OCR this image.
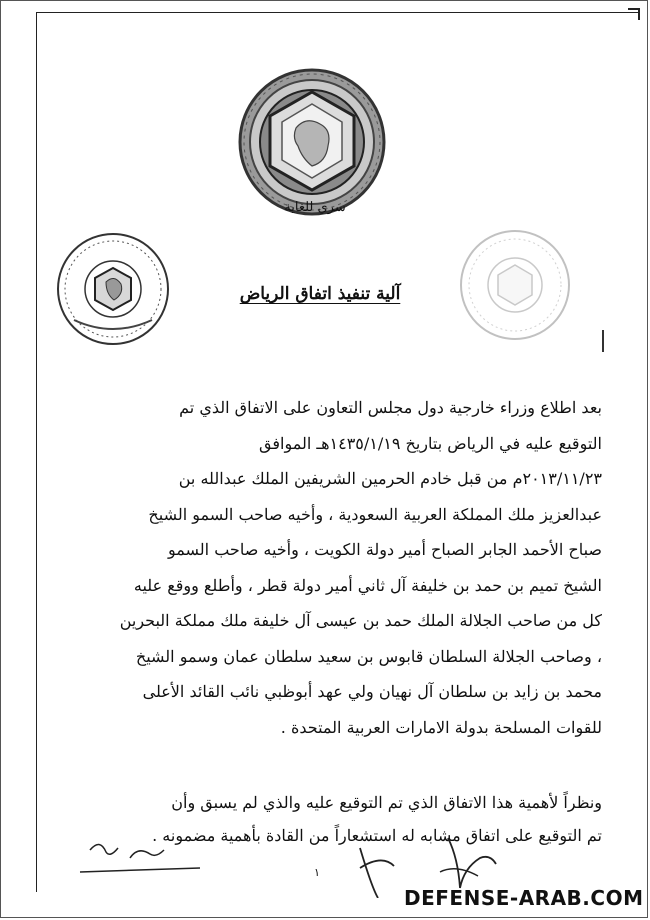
سري للغاية
آلية تنفيذ اتفاق الرياض

بعد اطلاع وزراء خارجية دول مجلس التعاون على الاتفاق الذي تم

التوقيع عليه في الرياض بتاريخ ١٤٣٥/١/١٩هـ الموافق

٢٠١٣/١١/٢٣م من قبل خادم الحرمين الشريفين الملك عبدالله بن

عبدالعزيز ملك المملكة العربية السعودية ، وأخيه صاحب السمو الشيخ

صباح الأحمد الجابر الصباح أمير دولة الكويت ، وأخيه صاحب السمو

الشيخ تميم بن حمد بن خليفة آل ثاني أمير دولة قطر ، وأطلع ووقع عليه

كل من صاحب الجلالة الملك حمد بن عيسى آل خليفة ملك مملكة البحرين

، وصاحب الجلالة السلطان قابوس بن سعيد سلطان عمان وسمو الشيخ

محمد بن زايد بن سلطان آل نهيان ولي عهد أبوظبي نائب القائد الأعلى

للقوات المسلحة بدولة الامارات العربية المتحدة .

ونظراً لأهمية هذا الاتفاق الذي تم التوقيع عليه والذي لم يسبق وأن

تم التوقيع على اتفاق مشابه له استشعاراً من القادة بأهمية مضمونه .

١
DEFENSE-ARAB.COM
